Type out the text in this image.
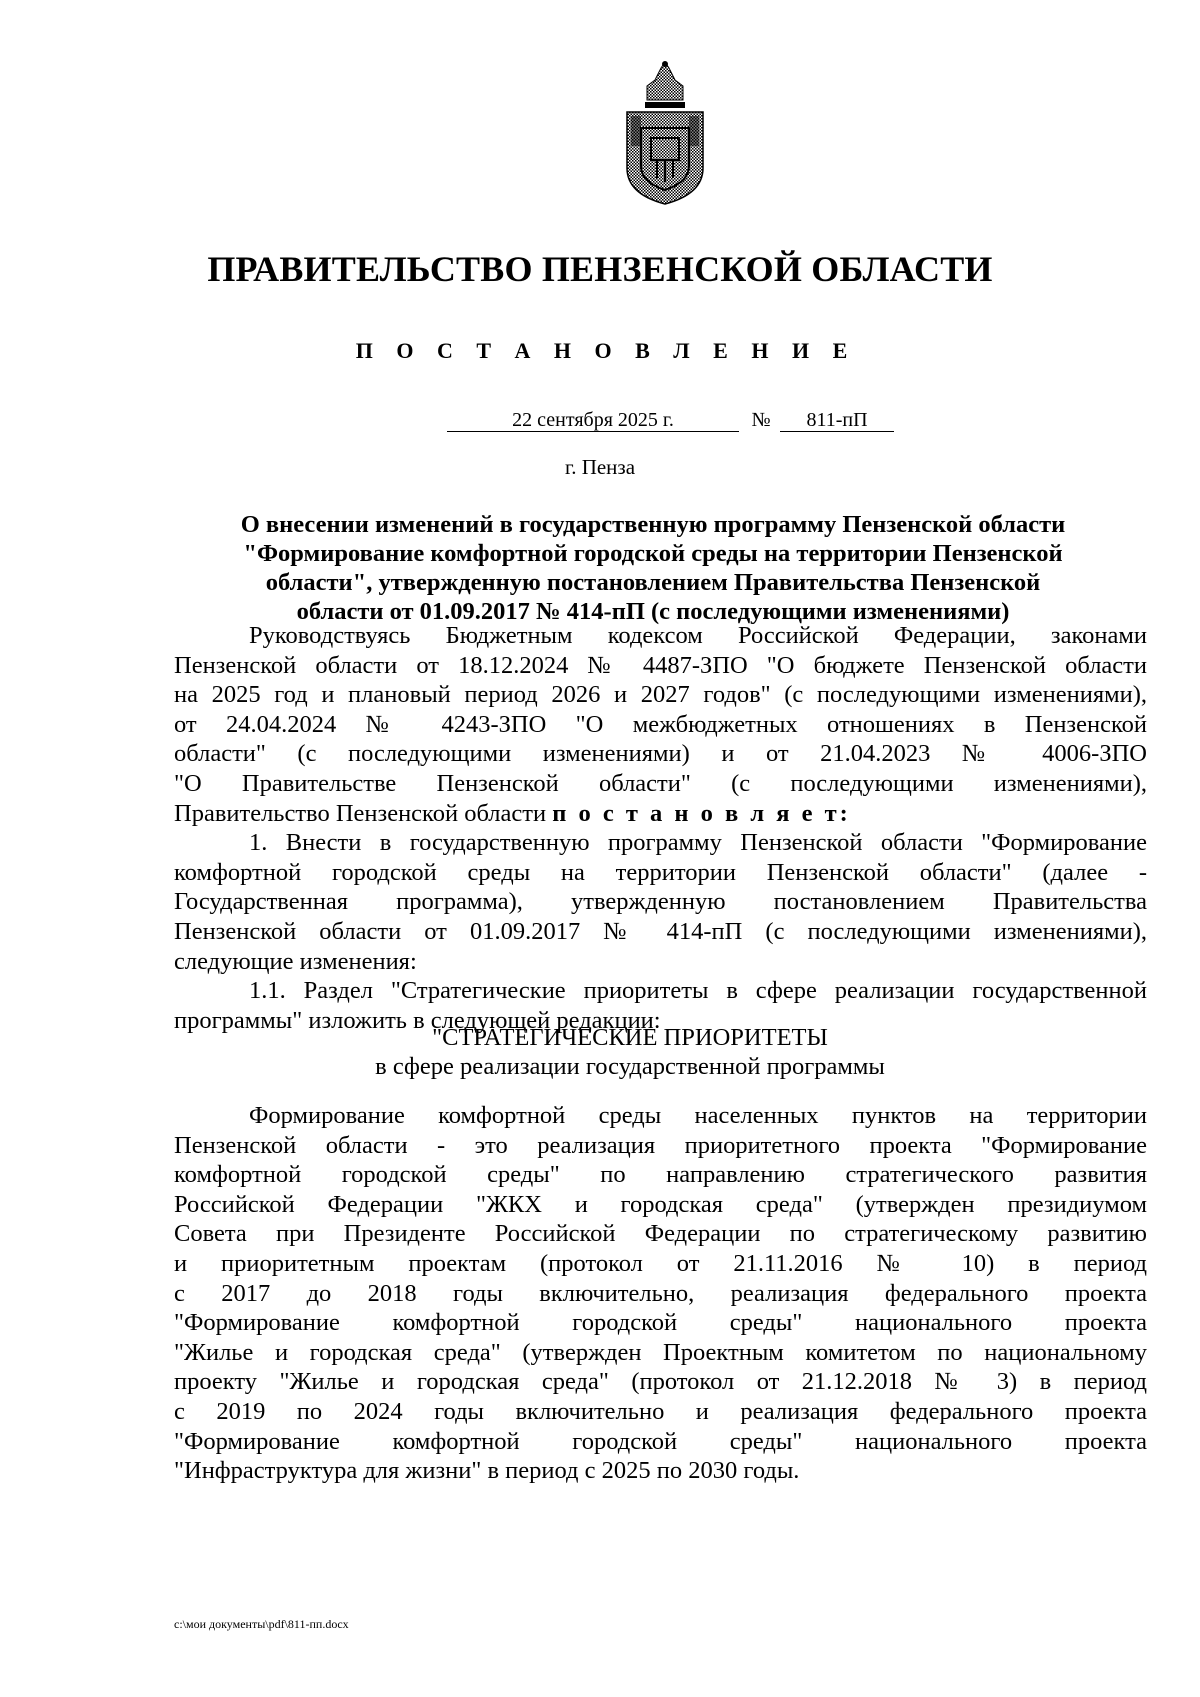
ПРАВИТЕЛЬСТВО ПЕНЗЕНСКОЙ ОБЛАСТИ
П О С Т А Н О В Л Е Н И Е
22 сентября 2025 г.	№	811-пП
г. Пенза
О внесении изменений в государственную программу Пензенской области
"Формирование комфортной городской среды на территории Пензенской
области", утвержденную постановлением Правительства Пензенской
области от 01.09.2017 № 414-пП (с последующими изменениями)
Руководствуясь Бюджетным кодексом Российской Федерации, законами
Пензенской области от 18.12.2024 № 4487-ЗПО "О бюджете Пензенской области
на 2025 год и плановый период 2026 и 2027 годов" (с последующими изменениями),
от 24.04.2024 № 4243-ЗПО "О межбюджетных отношениях в Пензенской
области" (с последующими изменениями) и от 21.04.2023 № 4006-ЗПО
"О Правительстве Пензенской области" (с последующими изменениями),
Правительство Пензенской области п о с т а н о в л я е т:
1. Внести в государственную программу Пензенской области "Формирование
комфортной городской среды на территории Пензенской области" (далее -
Государственная программа), утвержденную постановлением Правительства
Пензенской области от 01.09.2017 № 414-пП (с последующими изменениями),
следующие изменения:
1.1. Раздел "Стратегические приоритеты в сфере реализации государственной
программы" изложить в следующей редакции:
"СТРАТЕГИЧЕСКИЕ ПРИОРИТЕТЫ
в сфере реализации государственной программы
Формирование комфортной среды населенных пунктов на территории
Пензенской области - это реализация приоритетного проекта "Формирование
комфортной городской среды" по направлению стратегического развития
Российской Федерации "ЖКХ и городская среда" (утвержден президиумом
Совета при Президенте Российской Федерации по стратегическому развитию
и приоритетным проектам (протокол от 21.11.2016 № 10) в период
с 2017 до 2018 годы включительно, реализация федерального проекта
"Формирование комфортной городской среды" национального проекта
"Жилье и городская среда" (утвержден Проектным комитетом по национальному
проекту "Жилье и городская среда" (протокол от 21.12.2018 № 3) в период
с 2019 по 2024 годы включительно и реализация федерального проекта
"Формирование комфортной городской среды" национального проекта
"Инфраструктура для жизни" в период с 2025 по 2030 годы.
c:\мои документы\pdf\811-пп.docx
